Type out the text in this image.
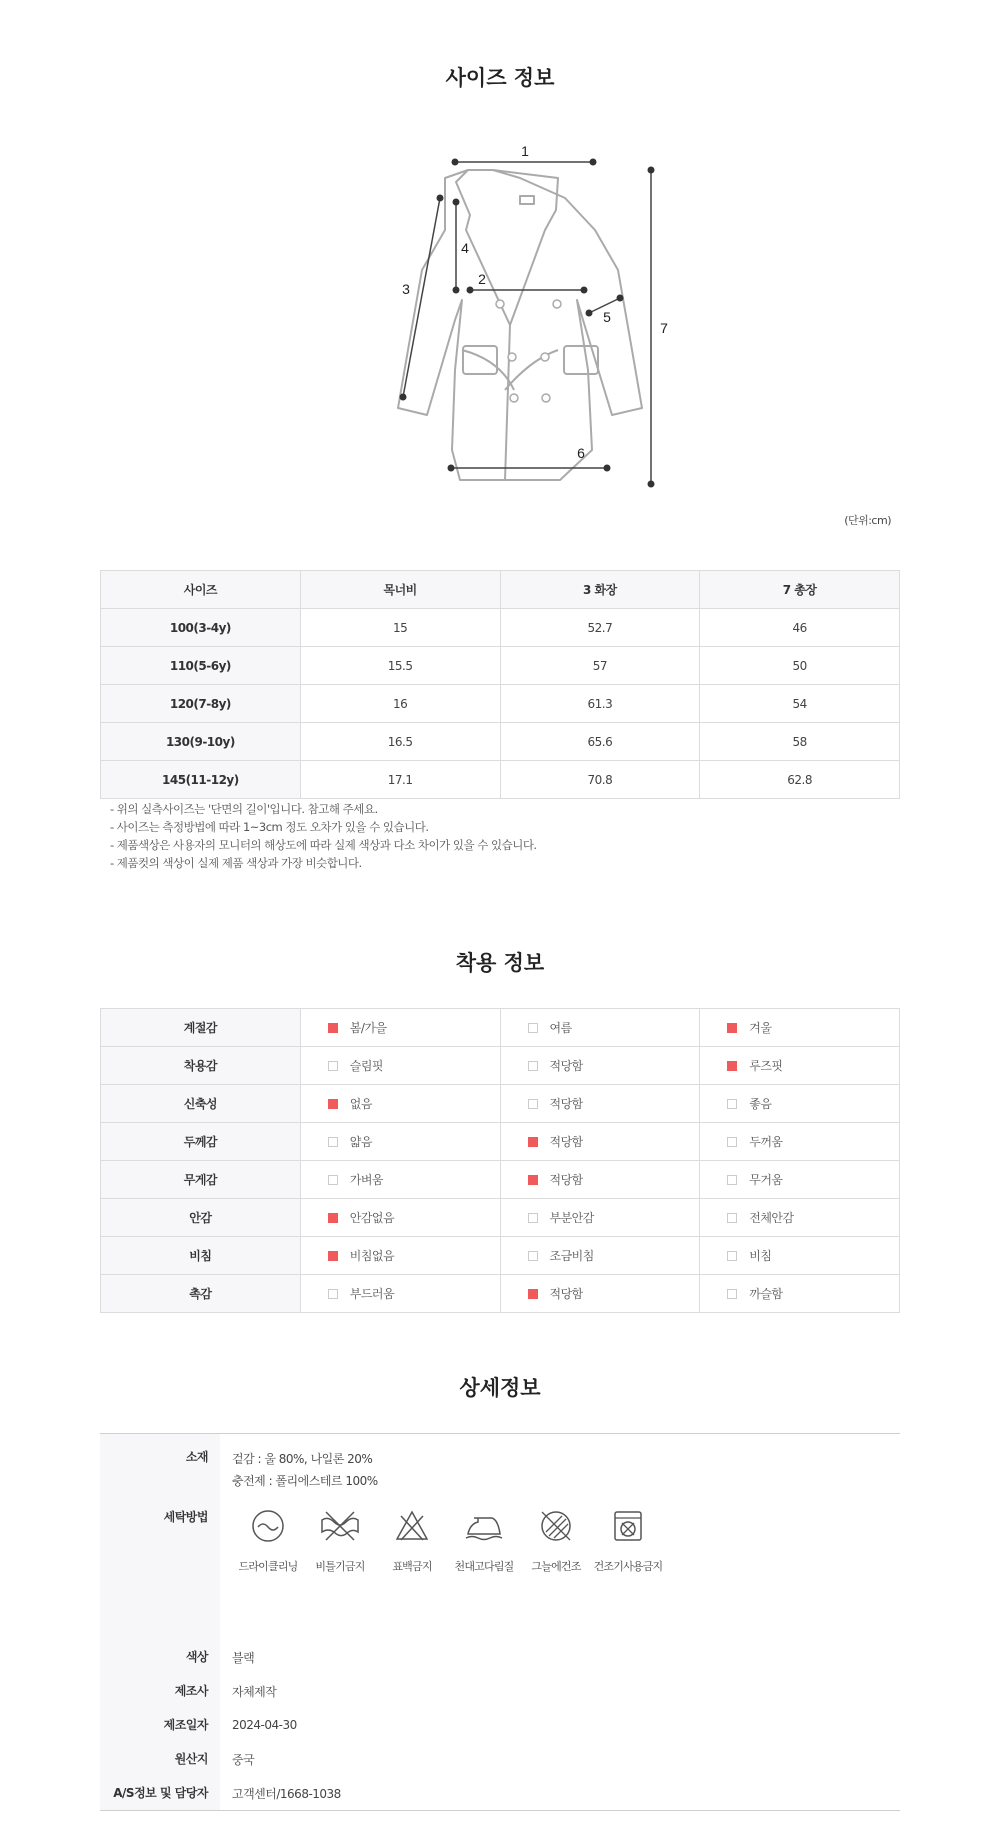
사이즈 정보
1
2
3
4
5
6
7
(단위:cm)
사이즈	목너비	3 화장	7 총장
100(3-4y)	15	52.7	46
110(5-6y)	15.5	57	50
120(7-8y)	16	61.3	54
130(9-10y)	16.5	65.6	58
145(11-12y)	17.1	70.8	62.8
- 위의 실측사이즈는 '단면의 길이'입니다. 참고해 주세요.
- 사이즈는 측정방법에 따라 1~3cm 정도 오차가 있을 수 있습니다.
- 제품색상은 사용자의 모니터의 해상도에 따라 실제 색상과 다소 차이가 있을 수 있습니다.
- 제품컷의 색상이 실제 제품 색상과 가장 비슷합니다.
착용 정보
계절감	봄/가을	여름	겨울
착용감	슬림핏	적당함	루즈핏
신축성	없음	적당함	좋음
두께감	얇음	적당함	두꺼움
무게감	가벼움	적당함	무거움
안감	안감없음	부분안감	전체안감
비침	비침없음	조금비침	비침
촉감	부드러움	적당함	까슬함
상세정보
소재	겉감 : 울 80%, 나일론 20%
충전제 : 폴리에스테르 100%
세탁방법
드라이클리닝	비틀기금지	표백금지	천대고다림질	그늘에건조	건조기사용금지
색상	블랙
제조사	자체제작
제조일자	2024-04-30
원산지	중국
A/S정보 및 담당자	고객센터/1668-1038
